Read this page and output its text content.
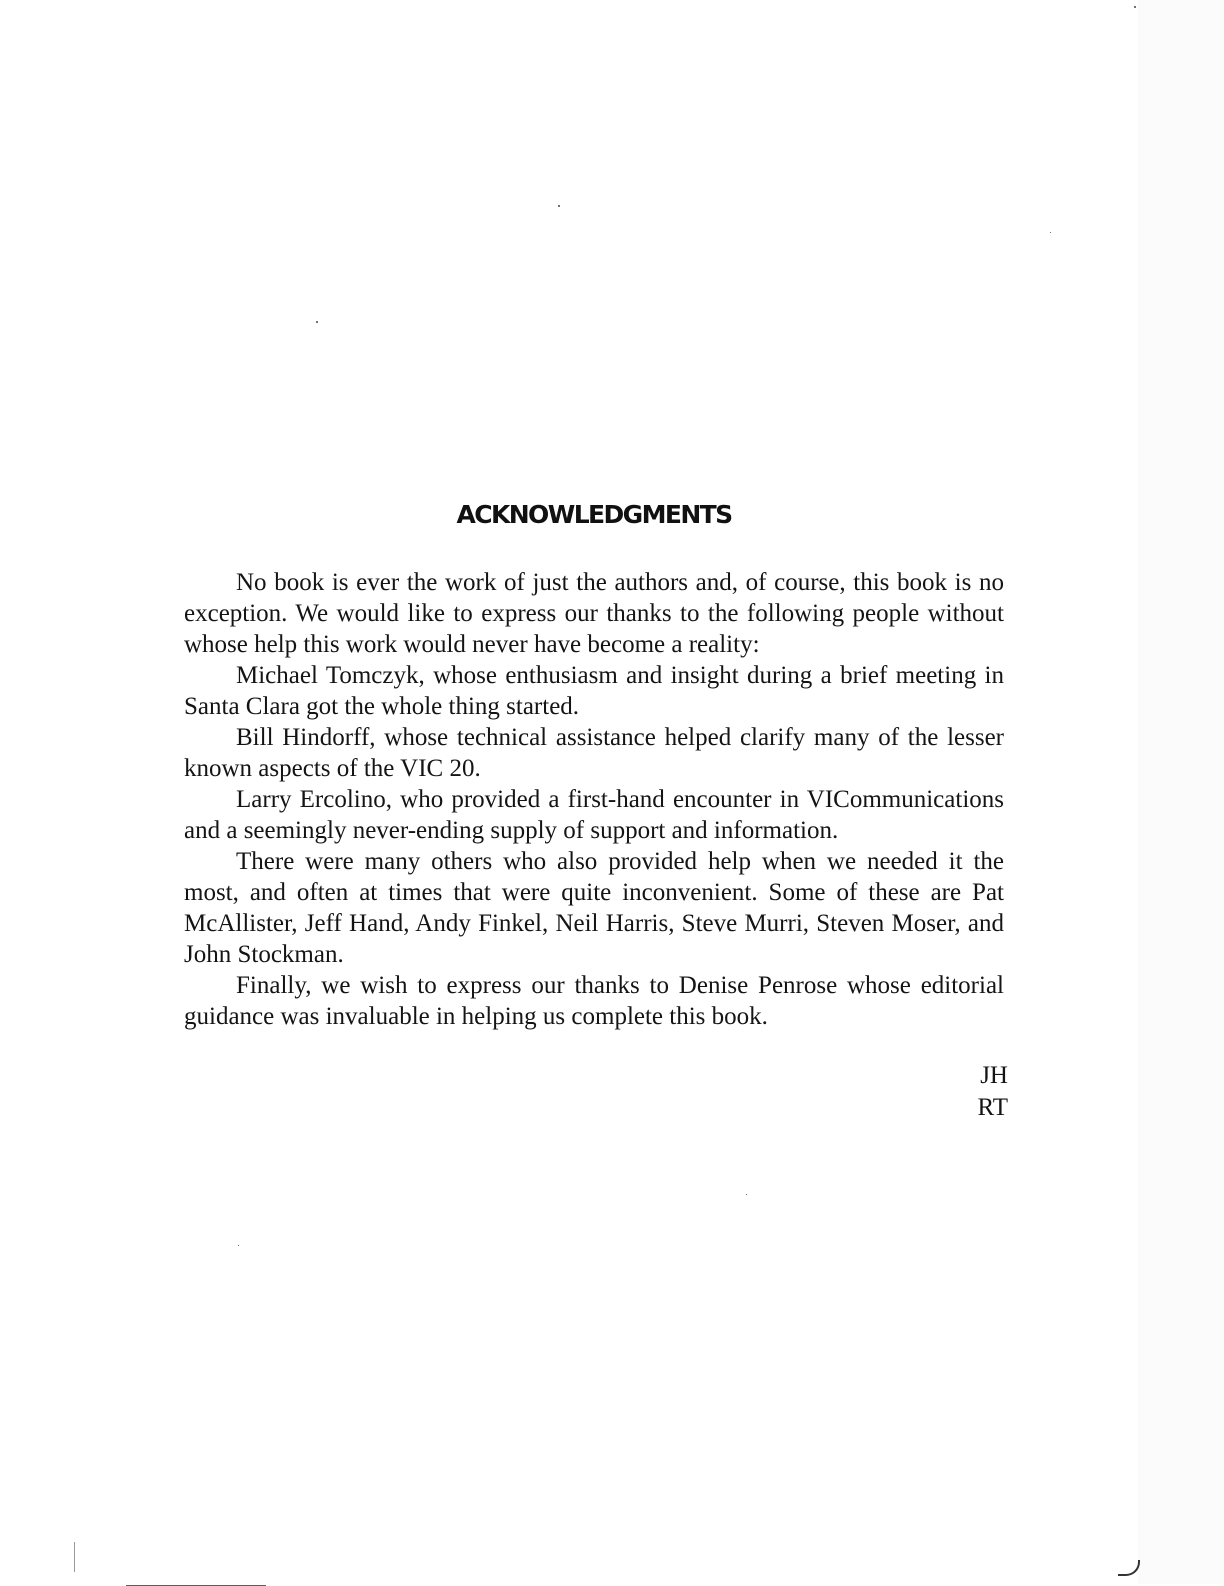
ACKNOWLEDGMENTS

No book is ever the work of just the authors and, of course, this book is no exception. We would like to express our thanks to the following people without whose help this work would never have become a reality:

Michael Tomczyk, whose enthusiasm and insight during a brief meeting in Santa Clara got the whole thing started.

Bill Hindorff, whose technical assistance helped clarify many of the lesser known aspects of the VIC 20.

Larry Ercolino, who provided a first-hand encounter in VICommunications and a seemingly never-ending supply of support and information.

There were many others who also provided help when we needed it the most, and often at times that were quite inconvenient. Some of these are Pat McAllister, Jeff Hand, Andy Finkel, Neil Harris, Steve Murri, Steven Moser, and John Stockman.

Finally, we wish to express our thanks to Denise Penrose whose editorial guidance was invaluable in helping us complete this book.

JH
RT
